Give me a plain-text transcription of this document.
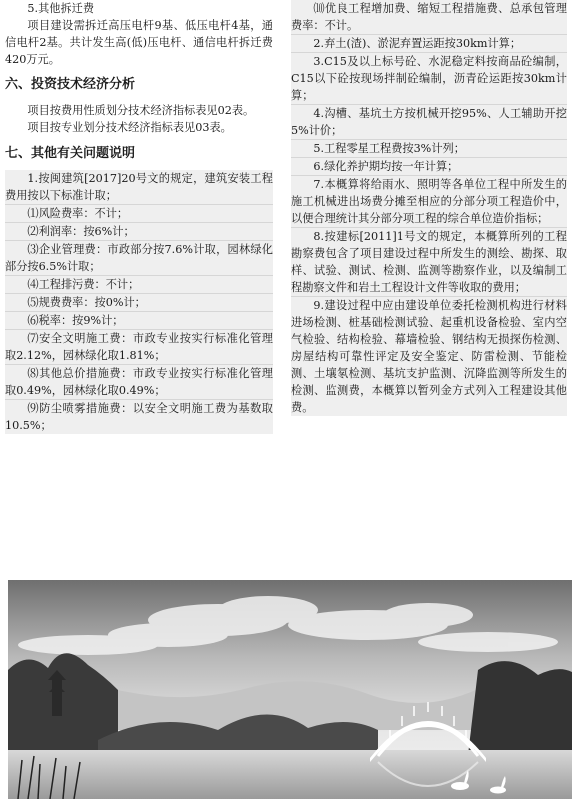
5.其他拆迁费

项目建设需拆迁高压电杆9基、低压电杆4基，通信电杆2基。共计发生高(低)压电杆、通信电杆拆迁费420万元。

六、投资技术经济分析

项目按费用性质划分技术经济指标表见02表。

项目按专业划分技术经济指标表见03表。

七、其他有关问题说明

1.按闽建筑[2017]20号文的规定，建筑安装工程费用按以下标准计取；

⑴风险费率：不计；

⑵利润率：按6%计；

⑶企业管理费：市政部分按7.6%计取，园林绿化部分按6.5%计取；

⑷工程排污费：不计；

⑸规费费率：按0%计；

⑹税率：按9%计；

⑺安全文明施工费：市政专业按实行标准化管理取2.12%，园林绿化取1.81%；

⑻其他总价措施费：市政专业按实行标准化管理取0.49%，园林绿化取0.49%；

⑼防尘喷雾措施费：以安全文明施工费为基数取10.5%；

⑽优良工程增加费、缩短工程措施费、总承包管理费率：不计。

2.弃土(渣)、淤泥弃置运距按30km计算；

3.C15及以上标号砼、水泥稳定料按商品砼编制，C15以下砼按现场拌制砼编制，沥青砼运距按30km计算；

4.沟槽、基坑土方按机械开挖95%、人工辅助开挖5%计价；

5.工程零星工程费按3%计列；

6.绿化养护期均按一年计算；

7.本概算将给雨水、照明等各单位工程中所发生的施工机械进出场费分摊至相应的分部分项工程造价中，以便合理统计其分部分项工程的综合单位造价指标；

8.按建标[2011]1号文的规定，本概算所列的工程勘察费包含了项目建设过程中所发生的测绘、勘探、取样、试验、测试、检测、监测等勘察作业，以及编制工程勘察文件和岩土工程设计文件等收取的费用；

9.建设过程中应由建设单位委托检测机构进行材料进场检测、桩基础检测试验、起重机设备检验、室内空气检验、结构检验、幕墙检验、钢结构无损探伤检测、房屋结构可靠性评定及安全鉴定、防雷检测、节能检测、土壤氡检测、基坑支护监测、沉降监测等所发生的检测、监测费，本概算以暂列金方式列入工程建设其他费。
